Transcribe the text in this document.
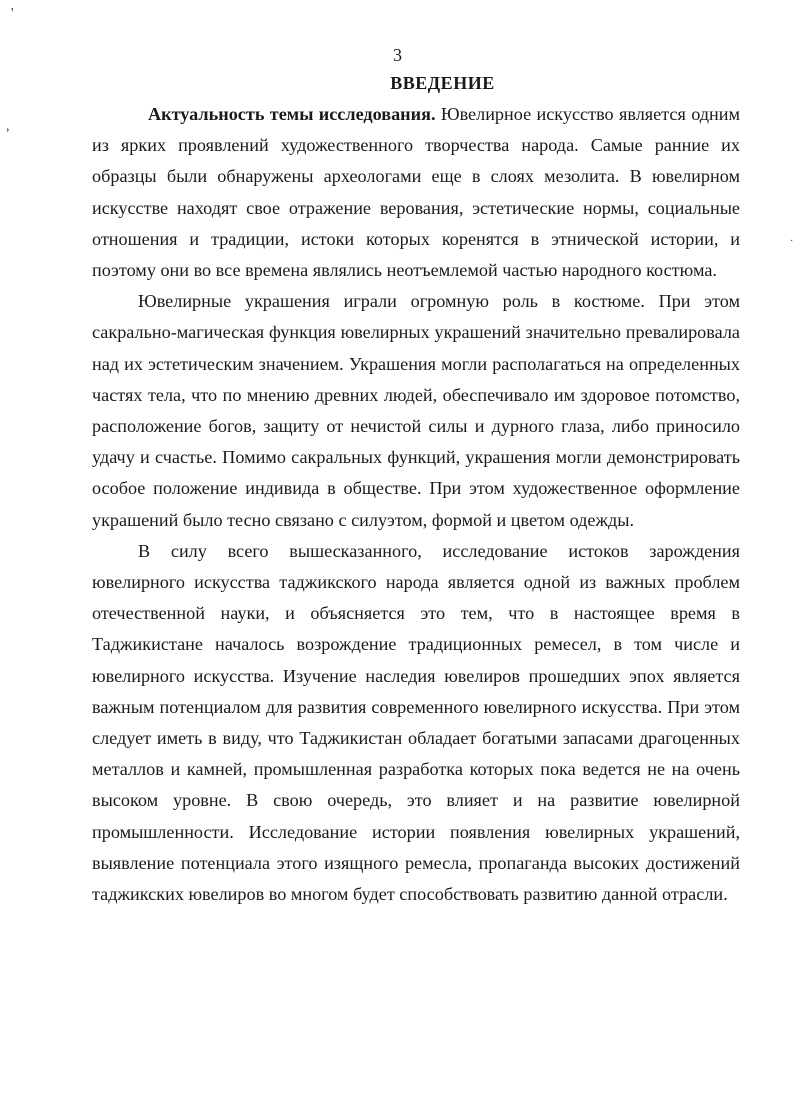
'
,
·
3
ВВЕДЕНИЕ

Актуальность темы исследования. Ювелирное искусство является одним из ярких проявлений художественного творчества народа. Самые ранние их образцы были обнаружены археологами еще в слоях мезолита. В ювелирном искусстве находят свое отражение верования, эстетические нормы, социальные отношения и традиции, истоки которых коренятся в этнической истории, и поэтому они во все времена являлись неотъемлемой частью народного костюма.

Ювелирные украшения играли огромную роль в костюме. При этом сакрально-магическая функция ювелирных украшений значительно превалировала над их эстетическим значением. Украшения могли располагаться на определенных частях тела, что по мнению древних людей, обеспечивало им здоровое потомство, расположение богов, защиту от нечистой силы и дурного глаза, либо приносило удачу и счастье. Помимо сакральных функций, украшения могли демонстрировать особое положение индивида в обществе. При этом художественное оформление украшений было тесно связано с силуэтом, формой и цветом одежды.

В силу всего вышесказанного, исследование истоков зарождения ювелирного искусства таджикского народа является одной из важных проблем отечественной науки, и объясняется это тем, что в настоящее время в Таджикистане началось возрождение традиционных ремесел, в том числе и ювелирного искусства. Изучение наследия ювелиров прошедших эпох является важным потенциалом для развития современного ювелирного искусства. При этом следует иметь в виду, что Таджикистан обладает богатыми запасами драгоценных металлов и камней, промышленная разработка которых пока ведется не на очень высоком уровне. В свою очередь, это влияет и на развитие ювелирной промышленности. Исследование истории появления ювелирных украшений, выявление потенциала этого изящного ремесла, пропаганда высоких достижений таджикских ювелиров во многом будет способствовать развитию данной отрасли.
